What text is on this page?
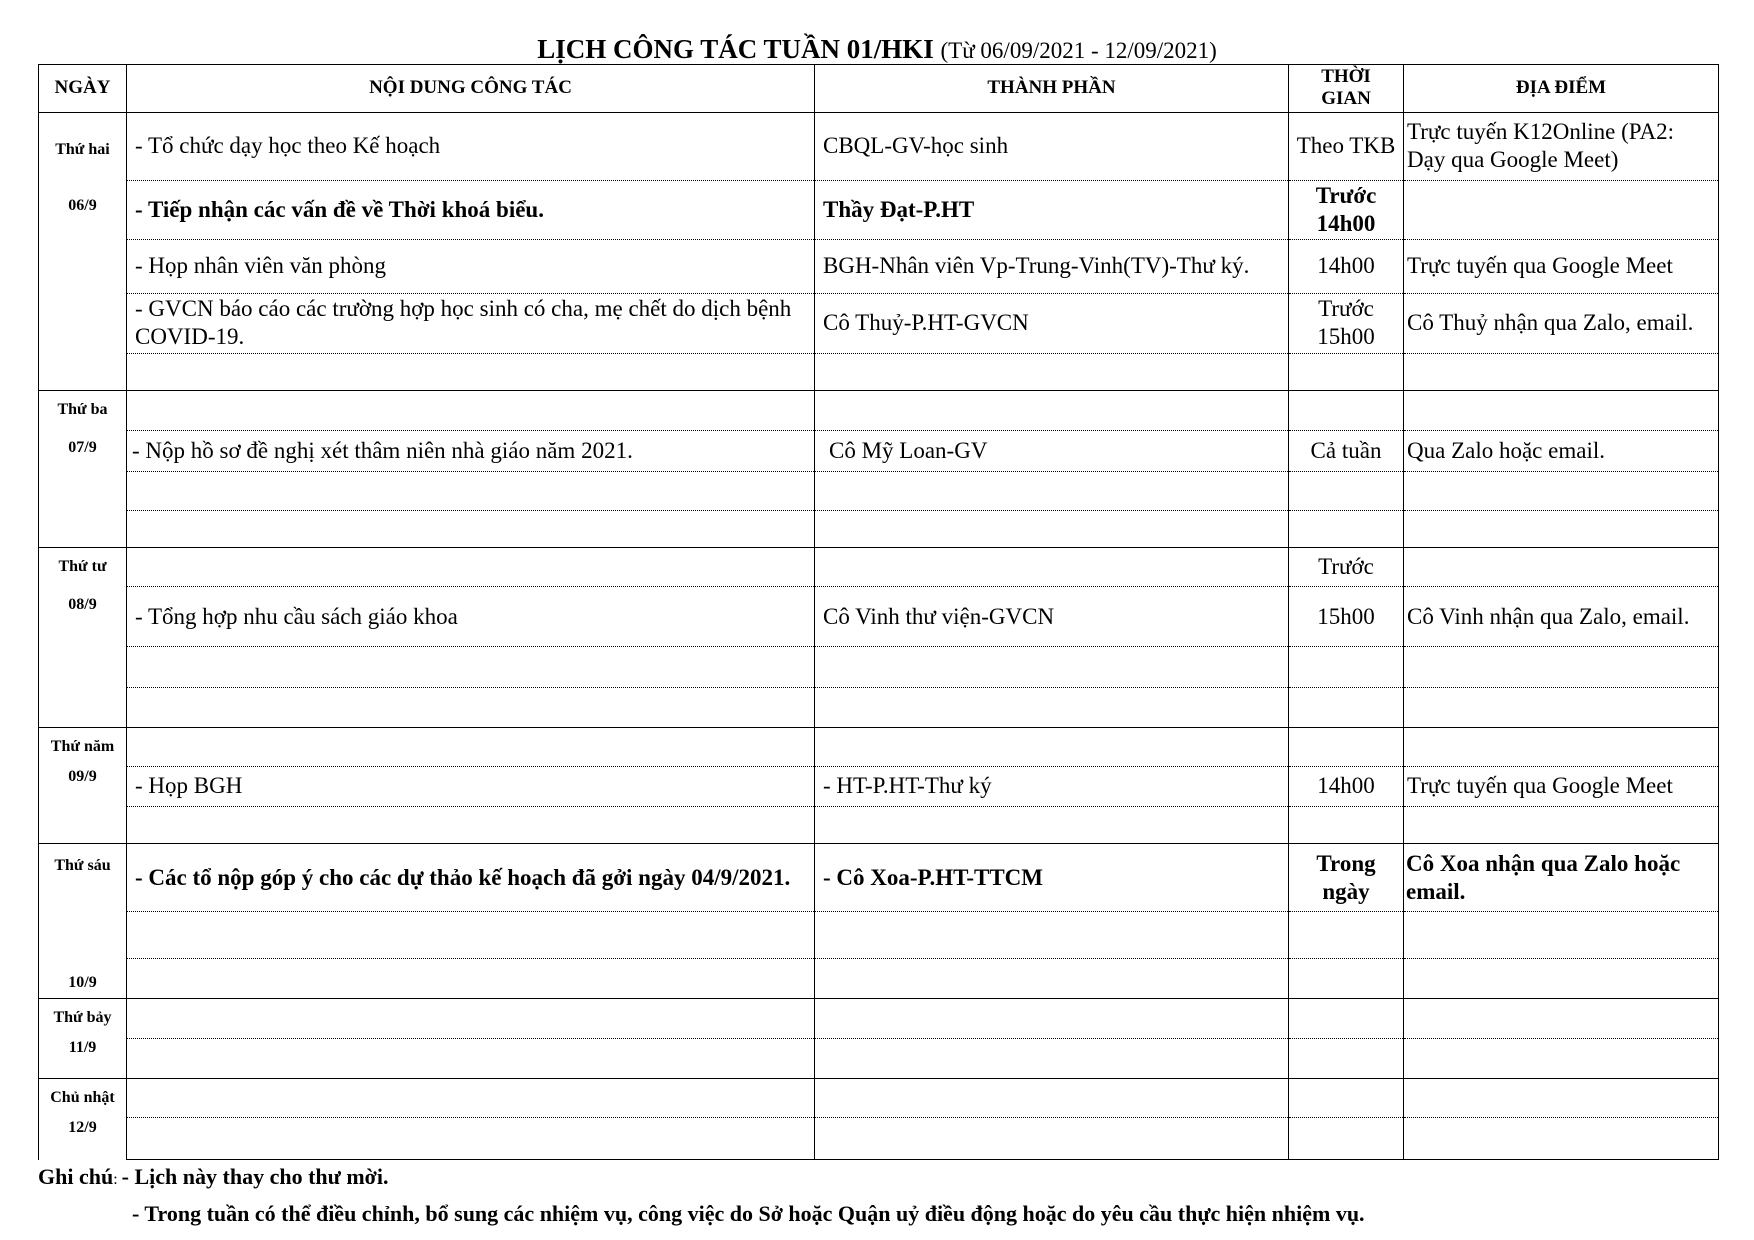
LỊCH CÔNG TÁC TUẦN 01/HKI (Từ 06/09/2021 - 12/09/2021)
NGÀY	NỘI DUNG CÔNG TÁC	THÀNH PHẦN	THỜI GIAN	ĐỊA ĐIỂM

Thứ hai
06/9	- Tổ chức dạy học theo Kế hoạch	CBQL-GV-học sinh	Theo TKB	Trực tuyến K12Online (PA2: Dạy qua Google Meet)
	- Tiếp nhận các vấn đề về Thời khoá biểu.	Thầy Đạt-P.HT	Trước 14h00	
	- Họp nhân viên văn phòng	BGH-Nhân viên Vp-Trung-Vinh(TV)-Thư ký.	14h00	Trực tuyến qua Google Meet
	- GVCN báo cáo các trường hợp học sinh có cha, mẹ chết do dịch bệnh COVID-19.	Cô Thuỷ-P.HT-GVCN	Trước 15h00	Cô Thuỷ nhận qua Zalo, email.

Thứ ba
07/9				

	- Nộp hồ sơ đề nghị xét thâm niên nhà giáo năm 2021.	Cô Mỹ Loan-GV	Cả tuần	Qua Zalo hoặc email.

Thứ tư
08/9			Trước	
	- Tổng hợp nhu cầu sách giáo khoa	Cô Vinh thư viện-GVCN	15h00	Cô Vinh nhận qua Zalo, email.

Thứ năm
09/9				

	- Họp BGH	- HT-P.HT-Thư ký	14h00	Trực tuyến qua Google Meet

Thứ sáu
10/9	- Các tổ nộp góp ý cho các dự thảo kế hoạch đã gởi ngày 04/9/2021.	- Cô Xoa-P.HT-TTCM	Trong ngày	Cô Xoa nhận qua Zalo hoặc email.

Thứ bảy
11/9				

Chủ nhật
12/9				

Ghi chú: - Lịch này thay cho thư mời.
- Trong tuần có thể điều chỉnh, bổ sung các nhiệm vụ, công việc do Sở hoặc Quận uỷ điều động hoặc do yêu cầu thực hiện nhiệm vụ.
